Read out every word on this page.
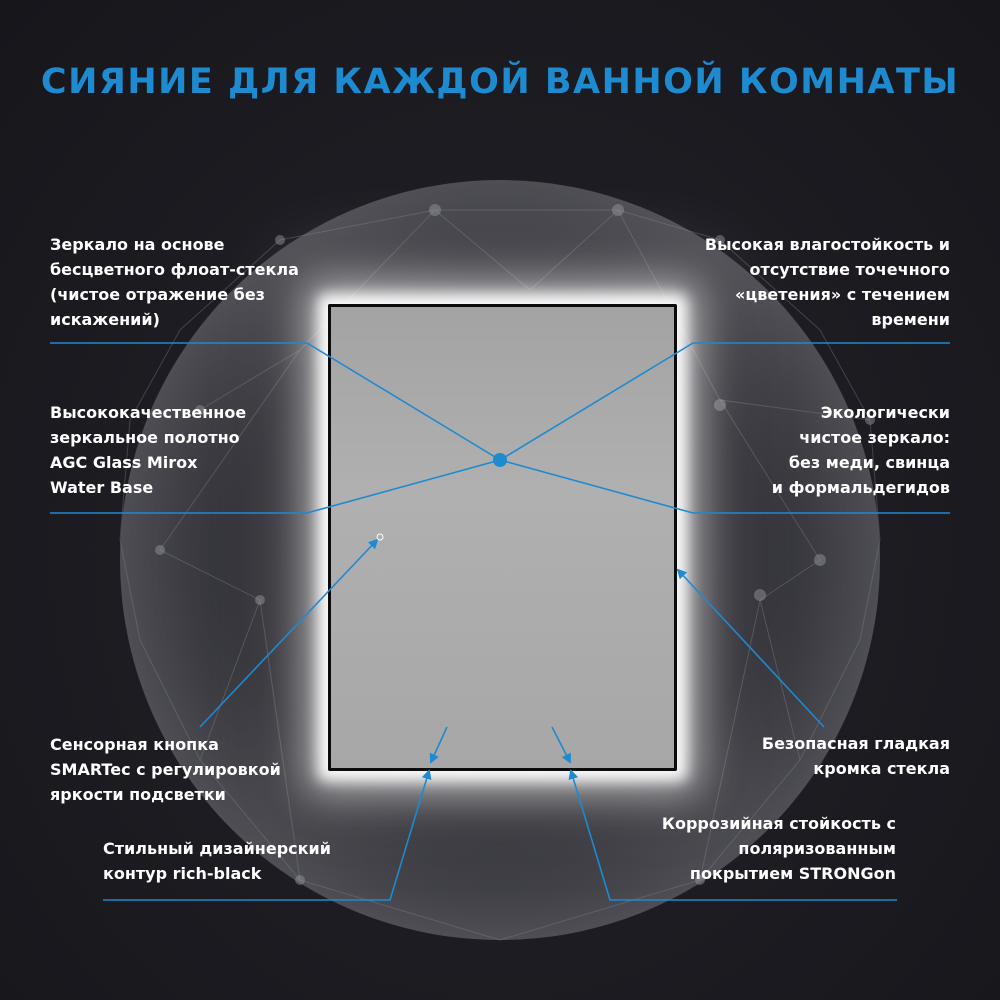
СИЯНИЕ ДЛЯ КАЖДОЙ ВАННОЙ КОМНАТЫ
Зеркало на основе
бесцветного флоат-стекла
(чистое отражение без
искажений)
Высокая влагостойкость и
отсутствие точечного
«цветения» с течением
времени
Высококачественное
зеркальное полотно
AGC Glass Mirox
Water Base
Экологически
чистое зеркало:
без меди, свинца
и формальдегидов
Сенсорная кнопка
SMARTec с регулировкой
яркости подсветки
Безопасная гладкая
кромка стекла
Стильный дизайнерский
контур rich-black
Коррозийная стойкость с
поляризованным
покрытием STRONGon
